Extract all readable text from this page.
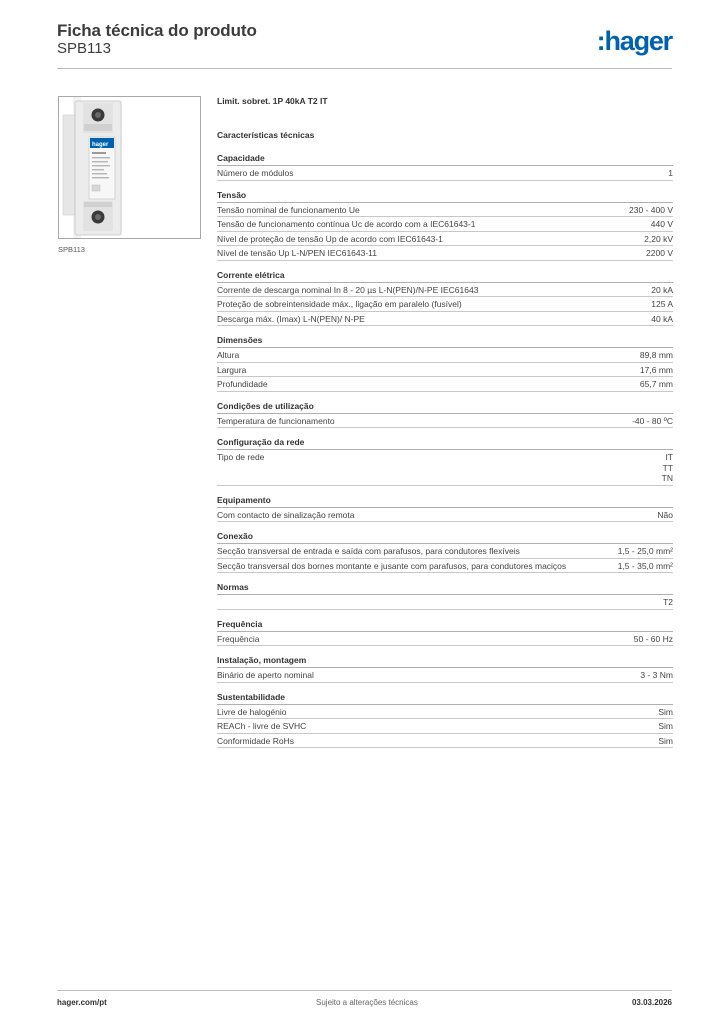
Ficha técnica do produto
SPB113	:hager
hager
SPB113
Limit. sobret. 1P 40kA T2 IT
Características técnicas
Capacidade
Número de módulos	1
Tensão
Tensão nominal de funcionamento Ue	230 - 400 V
Tensão de funcionamento contínua Uc de acordo com a IEC61643-1	440 V
Nível de proteção de tensão Up de acordo com IEC61643-1	2,20 kV
Nível de tensão Up L-N/PEN IEC61643-11	2200 V
Corrente elétrica
Corrente de descarga nominal In 8 - 20 µs L-N(PEN)/N-PE IEC61643	20 kA
Proteção de sobreintensidade máx., ligação em paralelo (fusível)	125 A
Descarga máx. (Imax) L-N(PEN)/ N-PE	40 kA
Dimensões
Altura	89,8 mm
Largura	17,6 mm
Profundidade	65,7 mm
Condições de utilização
Temperatura de funcionamento	-40 - 80 ºC
Configuração da rede
Tipo de rede	IT
TT
TN
Equipamento
Com contacto de sinalização remota	Não
Conexão
Secção transversal de entrada e saída com parafusos, para condutores flexíveis	1,5 - 25,0 mm²
Secção transversal dos bornes montante e jusante com parafusos, para condutores maciços	1,5 - 35,0 mm²
Normas
T2
Frequência
Frequência	50 - 60 Hz
Instalação, montagem
Binário de aperto nominal	3 - 3 Nm
Sustentabilidade
Livre de halogénio	Sim
REACh - livre de SVHC	Sim
Conformidade RoHs	Sim
hager.com/pt	Sujeito a alterações técnicas	03.03.2026
